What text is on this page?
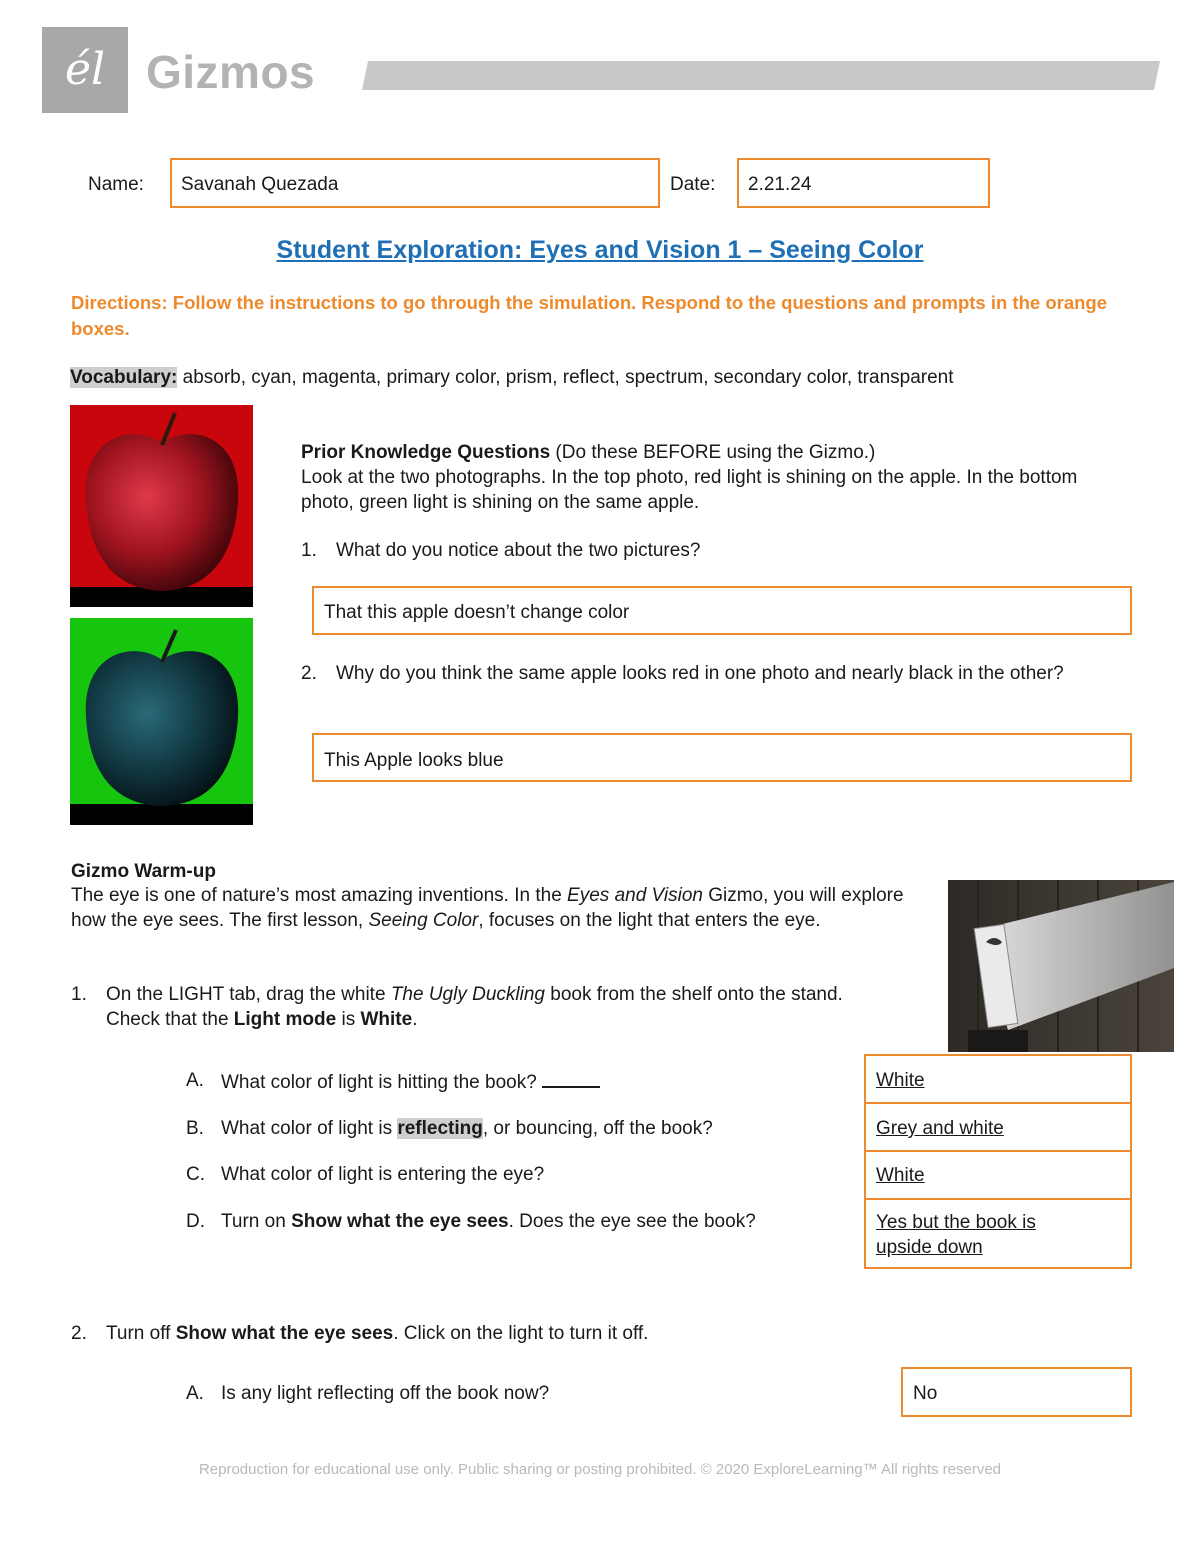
él Gizmos
Name: Savanah Quezada	Date: 2.21.24
Student Exploration: Eyes and Vision 1 – Seeing Color
Directions: Follow the instructions to go through the simulation. Respond to the questions and prompts in the orange boxes.
Vocabulary: absorb, cyan, magenta, primary color, prism, reflect, spectrum, secondary color, transparent
Prior Knowledge Questions (Do these BEFORE using the Gizmo.)
Look at the two photographs. In the top photo, red light is shining on the apple. In the bottom photo, green light is shining on the same apple.
1. What do you notice about the two pictures?
That this apple doesn’t change color
2. Why do you think the same apple looks red in one photo and nearly black in the other?
This Apple looks blue
Gizmo Warm-up
The eye is one of nature’s most amazing inventions. In the Eyes and Vision Gizmo, you will explore how the eye sees. The first lesson, Seeing Color, focuses on the light that enters the eye.
1. On the LIGHT tab, drag the white The Ugly Duckling book from the shelf onto the stand. Check that the Light mode is White.
A. What color of light is hitting the book?
B. What color of light is reflecting, or bouncing, off the book?
C. What color of light is entering the eye?
D. Turn on Show what the eye sees. Does the eye see the book?
White
Grey and white
White
Yes but the book is upside down
2. Turn off Show what the eye sees. Click on the light to turn it off.
A. Is any light reflecting off the book now?	No
Reproduction for educational use only. Public sharing or posting prohibited. © 2020 ExploreLearning™ All rights reserved
